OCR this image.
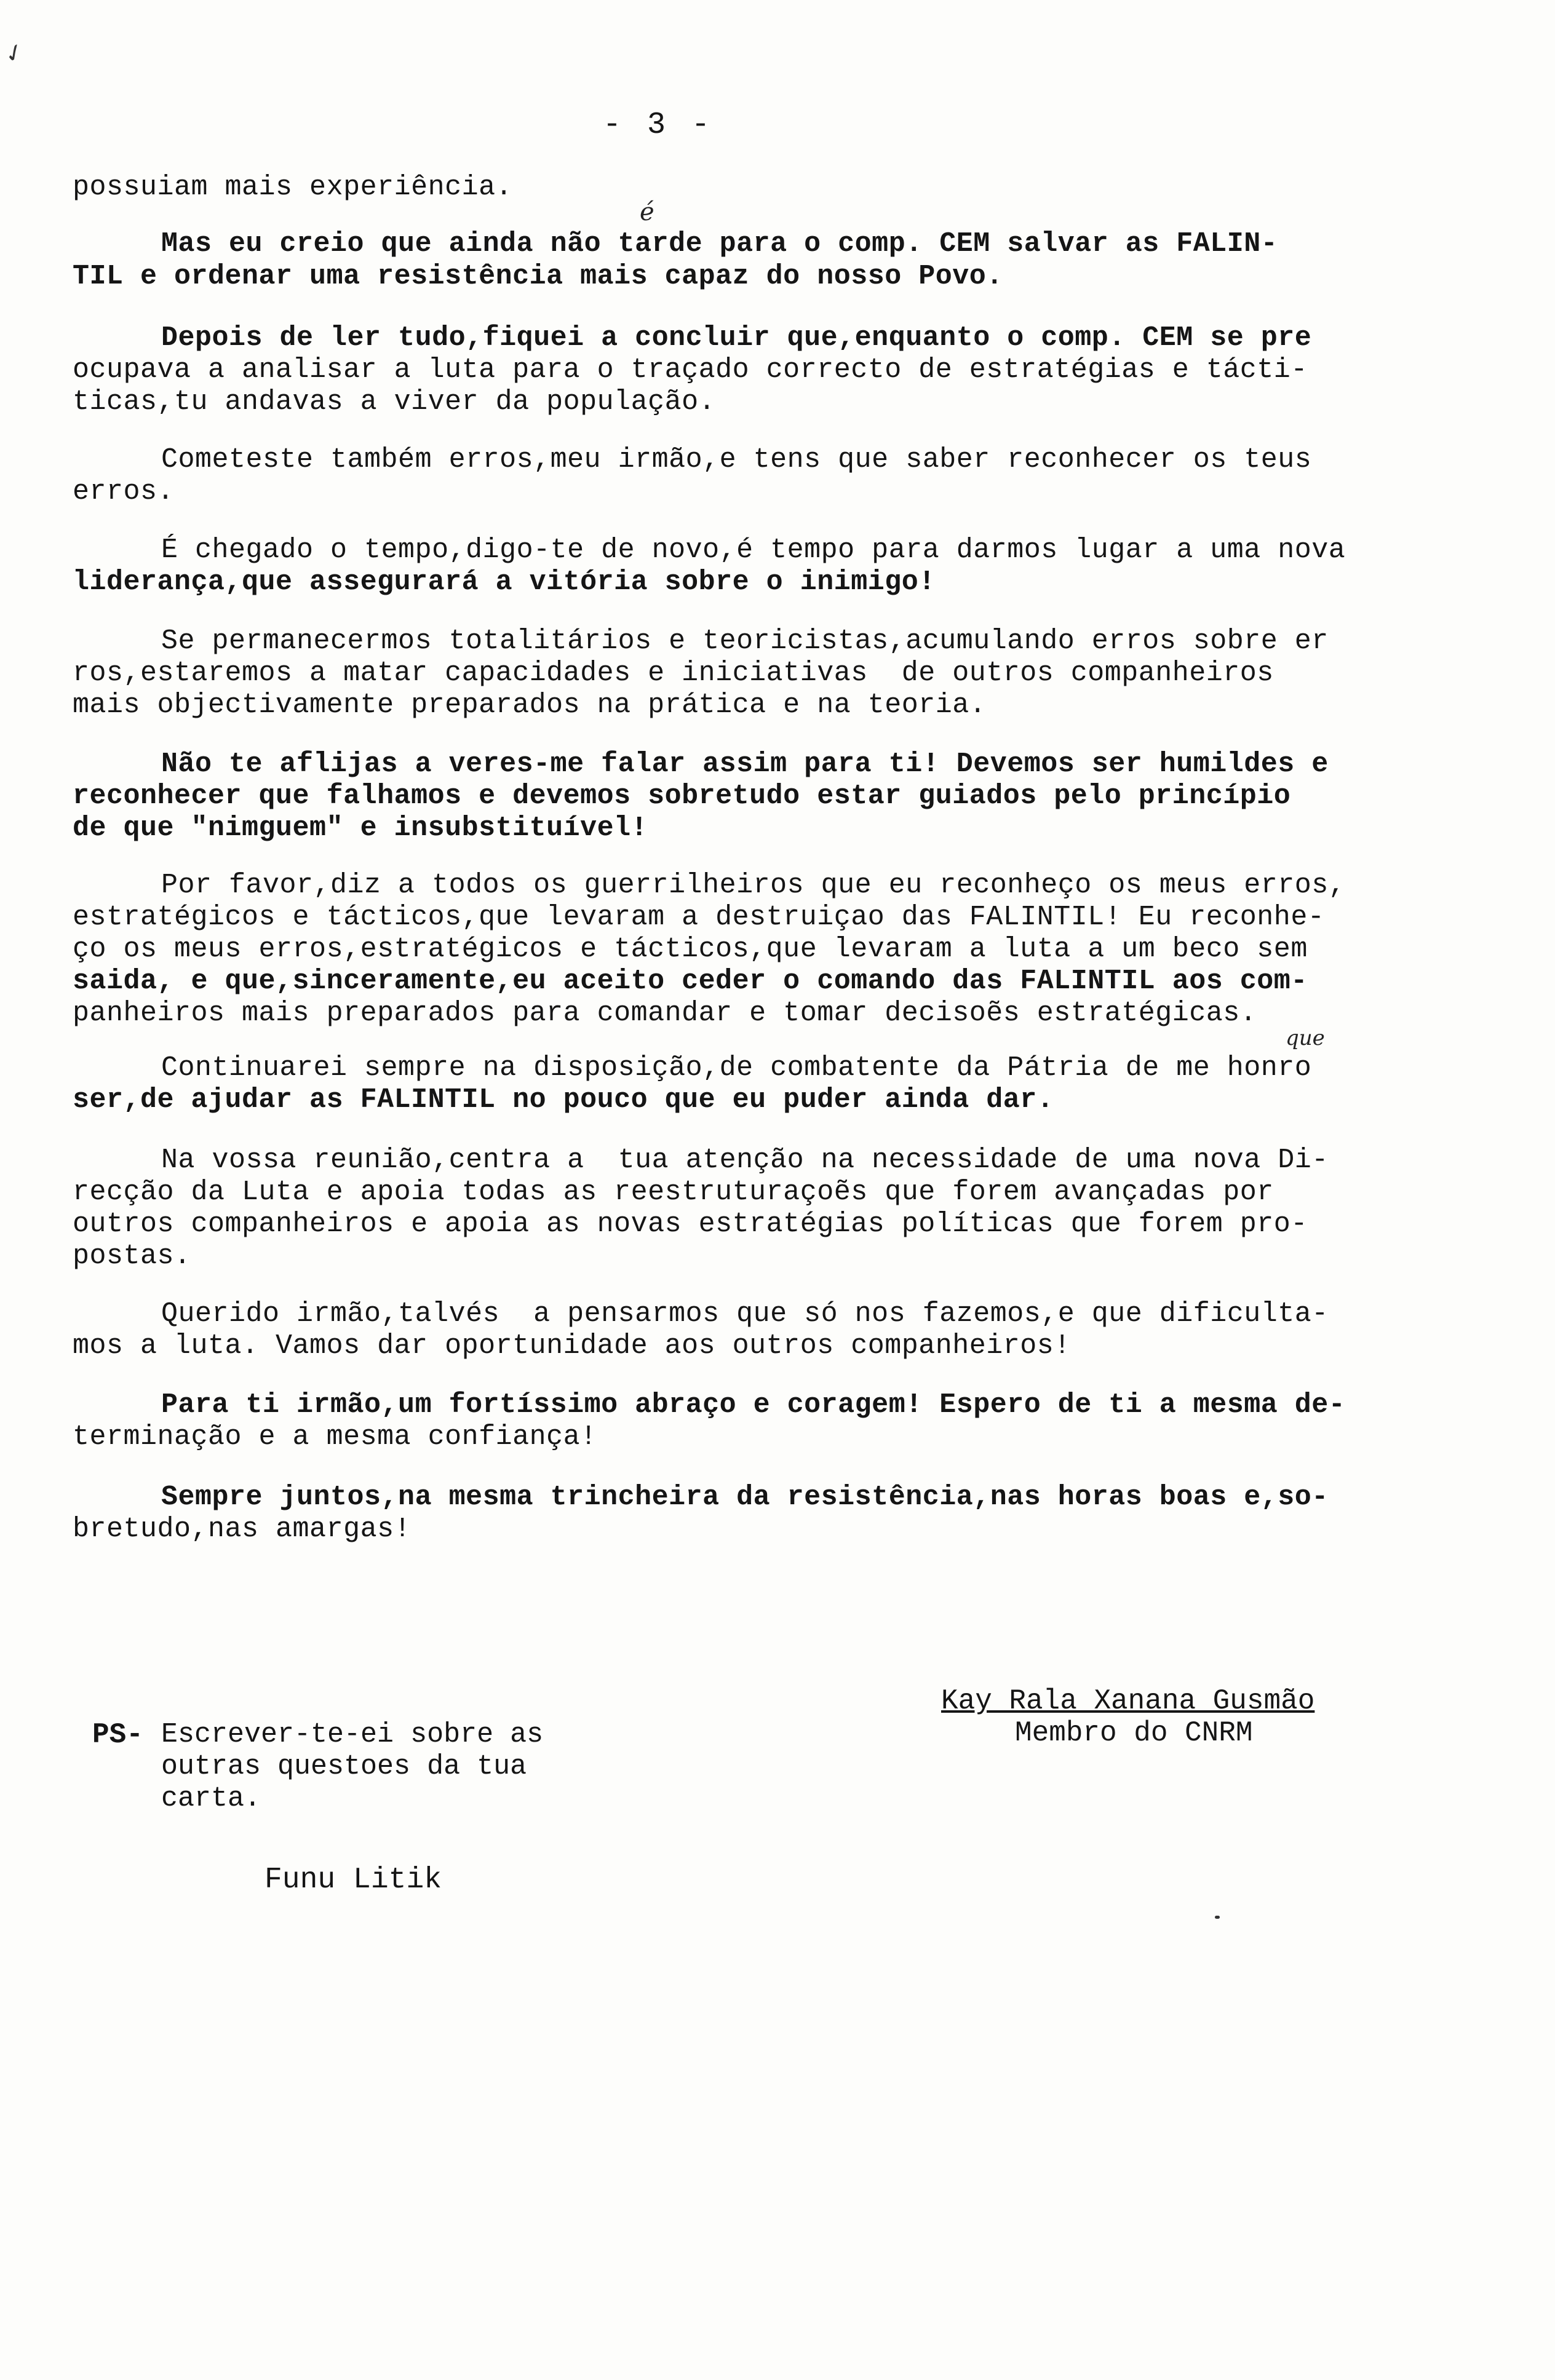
✓
- 3 -
possuiam mais experiência.
é
Mas eu creio que ainda não tarde para o comp. CEM salvar as FALIN-
TIL e ordenar uma resistência mais capaz do nosso Povo.
Depois de ler tudo,fiquei a concluir que,enquanto o comp. CEM se pre
ocupava a analisar a luta para o traçado correcto de estratégias e tácti-
ticas,tu andavas a viver da população.
Cometeste também erros,meu irmão,e tens que saber reconhecer os teus
erros.
É chegado o tempo,digo-te de novo,é tempo para darmos lugar a uma nova
liderança,que assegurará a vitória sobre o inimigo!
Se permanecermos totalitários e teoricistas,acumulando erros sobre er
ros,estaremos a matar capacidades e iniciativas  de outros companheiros
mais objectivamente preparados na prática e na teoria.
Não te aflijas a veres-me falar assim para ti! Devemos ser humildes e
reconhecer que falhamos e devemos sobretudo estar guiados pelo princípio
de que "nimguem" e insubstituível!
Por favor,diz a todos os guerrilheiros que eu reconheço os meus erros,
estratégicos e tácticos,que levaram a destruiçao das FALINTIL! Eu reconhe-
ço os meus erros,estratégicos e tácticos,que levaram a luta a um beco sem
saida, e que,sinceramente,eu aceito ceder o comando das FALINTIL aos com-
panheiros mais preparados para comandar e tomar decisoẽs estratégicas.
que
Continuarei sempre na disposição,de combatente da Pátria de me honro
ser,de ajudar as FALINTIL no pouco que eu puder ainda dar.
Na vossa reunião,centra a  tua atenção na necessidade de uma nova Di-
recção da Luta e apoia todas as reestruturaçoẽs que forem avançadas por
outros companheiros e apoia as novas estratégias políticas que forem pro-
postas.
Querido irmão,talvés  a pensarmos que só nos fazemos,e que dificulta-
mos a luta. Vamos dar oportunidade aos outros companheiros!
Para ti irmão,um fortíssimo abraço e coragem! Espero de ti a mesma de-
terminação e a mesma confiança!
Sempre juntos,na mesma trincheira da resistência,nas horas boas e,so-
bretudo,nas amargas!
Kay Rala Xanana Gusmão
Membro do CNRM
PS- Escrever-te-ei sobre as
outras questoes da tua
carta.
Funu Litik
